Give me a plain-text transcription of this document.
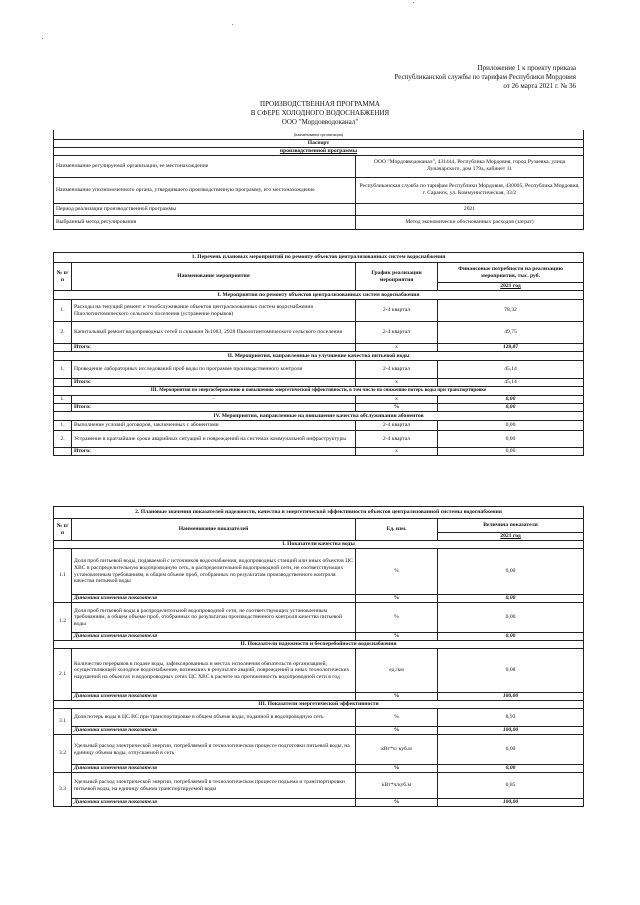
Приложение 1 к проекту приказа
Республиканской службы по тарифам Республики Мордовия
от 26 марта 2021 г. № 36
ПРОИЗВОДСТВЕННАЯ ПРОГРАММА
В СФЕРЕ ХОЛОДНОГО ВОДОСНАБЖЕНИЯ
ООО "Мордовводоканал"
(наименование организации)	
Паспорт	
производственной программы	
Наименование регулируемой организации, ее местонахождение	ООО "Мордовводоканал", 431444, Республика Мордовия, город Рузаевка, улица Луначарского, дом 179а, кабинет 11
Наименование уполномоченного органа, утвердившего производственную программу, его местонахождение	Республиканская служба по тарифам Республики Мордовия, 430005, Республика Мордовия, г. Саранск, ул. Коммунистическая, 33/2
Период реализации производственной программы	2021
Выбранный метод регулирования	Метод экономически обоснованных расходов (затрат)
1. Перечень плановых мероприятий по ремонту объектов централизованных систем водоснабжения			
№ п/п	Наименование мероприятия	График реализации мероприятия	Финансовые потребности на реализацию мероприятия, тыс. руб.
			2021 год
I. Мероприятия по ремонту объектов централизованных систем водоснабжения			
1.	Расходы на текущий ремонт и техобслуживание объектов централизованных систем водоснабжения Пшолотинтомического сельского поселения (устранение порывов)	2-4 квартал	78,32
2.	Капитальный ремонт водопроводных сетей и скважин №1083, 2928 Пшолотинтомического сельского поселения	2-4 квартал	49,75
	Итого:	х	128,07
II. Мероприятия, направленные на улучшение качества питьевой воды			
1.	Проведение лабораторных исследований проб воды по программе производственного контроля	2-4 квартал	45,14
	Итого:	х	45,14
III. Мероприятия по энергосбережению и повышению энергетической эффективности, в том числе по снижению потерь воды при транспортировке			
1.	-	х	0,00
	Итого:	%	0,00
IV. Мероприятия, направленные на повышение качества обслуживания абонентов			
1.	Выполнение условий договоров, заключенных с абонентами	2-4 квартал	0,00
2.	Устранение в кратчайшие сроки аварийных ситуаций и повреждений на системах коммунальной инфраструктуры	2-4 квартал	0,00
	Итого:	х	0,00
2. Плановые значения показателей надежности, качества и энергетической эффективности объектов централизованной системы водоснабжения			
№ п/п	Наименование показателей	Ед. изм.	Величина показателя
			2021 год
I. Показатели качества воды			
1.1	Доля проб питьевой воды, подаваемой с источников водоснабжения, водопроводных станций или иных объектов ЦС ХВС в распределительную водопроводную сеть, в распределительной водопроводной сети, не соответствующих установленным требованиям, в общем объеме проб, отобранных по результатам производственного контроля качества питьевой воды	%	0,00
	Динамика изменения показателя	%	0,00
1.2	Доля проб питьевой воды в распределительной водопроводной сети, не соответствующих установленным требованиям, в общем объеме проб, отобранных по результатам производственного контроля качества питьевой воды	%	0,00
	Динамика изменения показателя	%	0,00
II. Показатели надежности и бесперебойности водоснабжения			
2.1	Количество перерывов в подаче воды, зафиксированных в местах исполнения обязательств организацией, осуществляющей холодное водоснабжение, возникших в результате аварий, повреждений и иных технологических нарушений на объектах и водопроводных сетях ЦС ХВС в расчете на протяженность водопроводной сети в год	ед./км	0,08
	Динамика изменения показателя	%	100,00
III. Показатели энергетической эффективности			
3.1	Доля потерь воды в ЦС ВС при транспортировке в общем объеме воды, поданной в водопроводную сеть	%	8,93
	Динамика изменения показателя	%	100,00
3.2	Удельный расход электрической энергии, потребляемой в технологическом процессе подготовки питьевой воды, на единицу объема воды, отпускаемой в сеть	кВт*ч/ куб.м	0,00
	Динамика изменения показателя	%	0,00
3.3	Удельный расход электрической энергии, потребляемой в технологическом процессе подъема и транспортировки питьевой воды, на единицу объема транспортируемой воды	кВт*ч/куб.м	0,85
	Динамика изменения показателя	%	100,00
